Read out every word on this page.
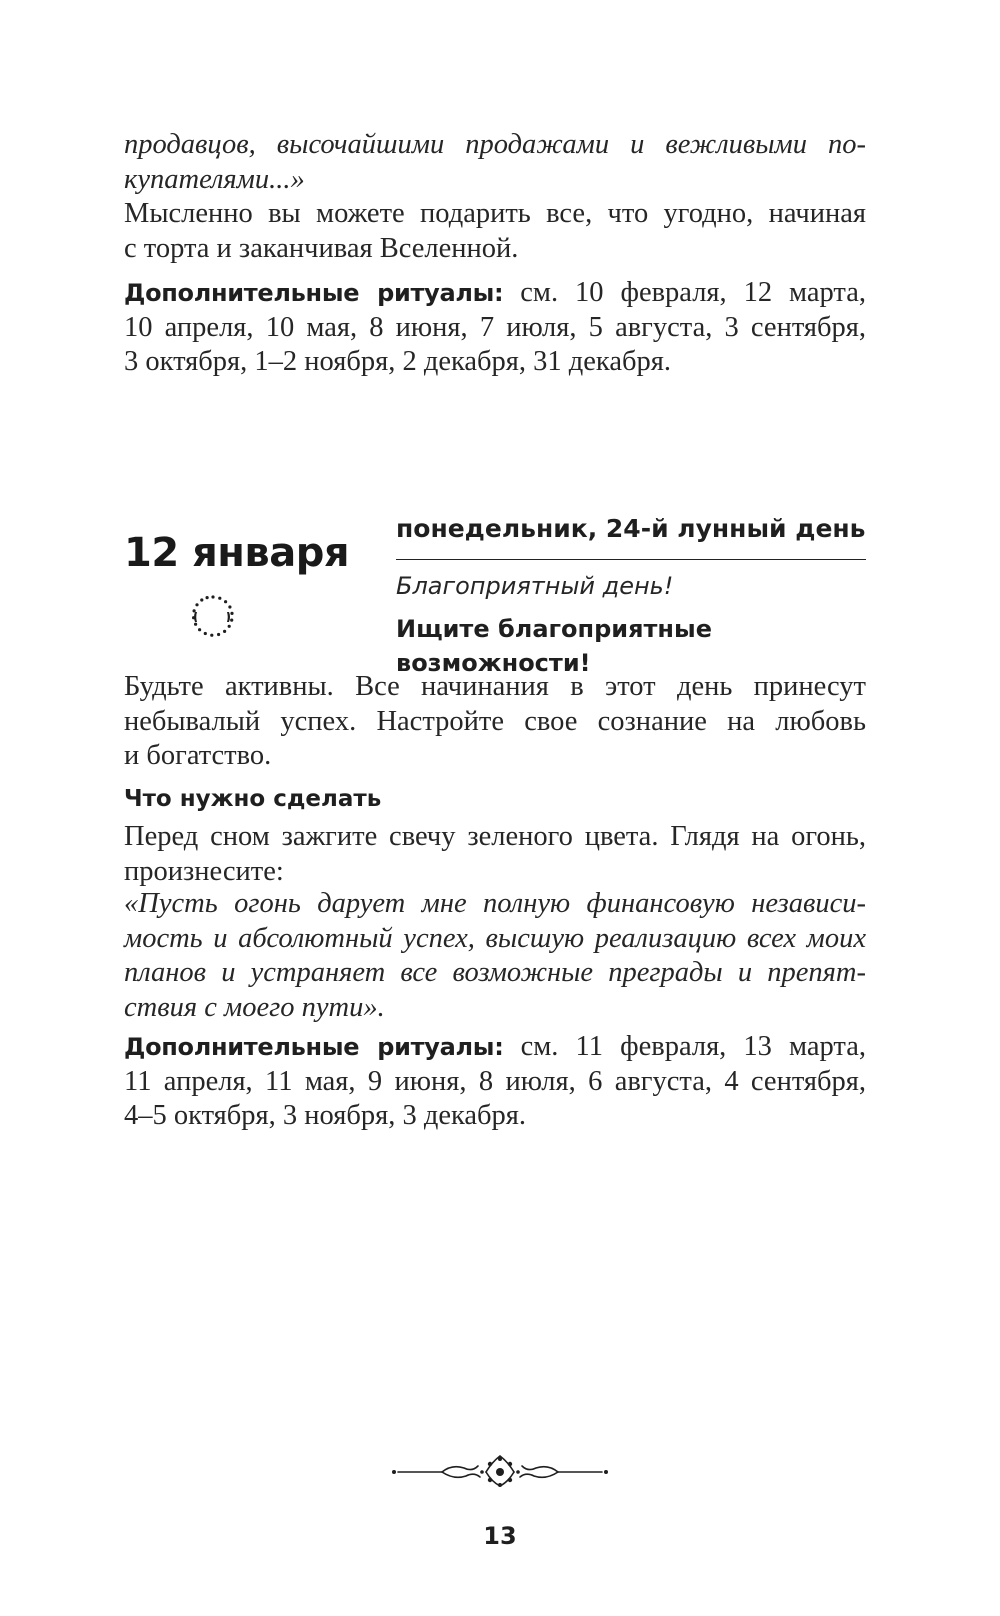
продавцов, высочайшими продажами и вежливыми по-
купателями...»
Мысленно вы можете подарить все, что угодно, начиная
с торта и заканчивая Вселенной.
Дополнительные ритуалы: см. 10 февраля, 12 марта,
10 апреля, 10 мая, 8 июня, 7 июля, 5 августа, 3 сентября,
3 октября, 1–2 ноября, 2 декабря, 31 декабря.
12 января
понедельник, 24-й лунный день
Благоприятный день!
Ищите благоприятные
возможности!
Будьте активны. Все начинания в этот день принесут
небывалый успех. Настройте свое сознание на любовь
и богатство.
Что нужно сделать
Перед сном зажгите свечу зеленого цвета. Глядя на огонь,
произнесите:
«Пусть огонь дарует мне полную финансовую независи-
мость и абсолютный успех, высшую реализацию всех моих
планов и устраняет все возможные преграды и препят-
ствия с моего пути».
Дополнительные ритуалы: см. 11 февраля, 13 марта,
11 апреля, 11 мая, 9 июня, 8 июля, 6 августа, 4 сентября,
4–5 октября, 3 ноября, 3 декабря.
13
